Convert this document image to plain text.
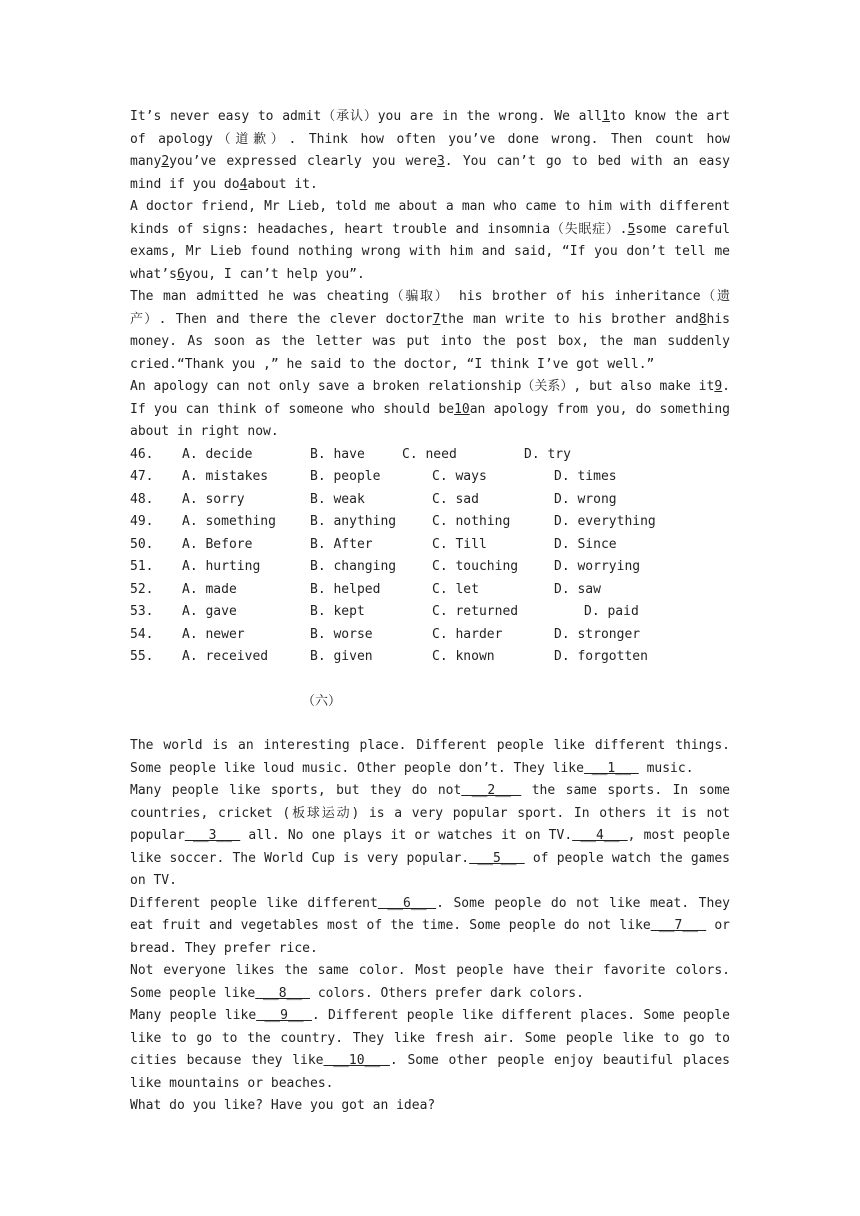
It’s never easy to admit（承认）you are in the wrong. We all1to know the art of apology（道歉）. Think how often you’ve done wrong. Then count how many2you’ve expressed clearly you were3. You can’t go to bed with an easy mind if you do4about it.

A doctor friend, Mr Lieb, told me about a man who came to him with different kinds of signs: headaches, heart trouble and insomnia（失眠症）.5some careful exams, Mr Lieb found nothing wrong with him and said, “If you don’t tell me what’s6you, I can’t help you”.

The man admitted he was cheating（骗取） his brother of his inheritance（遗产）. Then and there the clever doctor7the man write to his brother and8his money. As soon as the letter was put into the post box, the man suddenly cried.“Thank you ,” he said to the doctor, “I think I’ve got well.”

An apology can not only save a broken relationship（关系）, but also make it9. If you can think of someone who should be10an apology from you, do something about in right now.

46.	A. decide	B. have	C. need	D. try
47.	A. mistakes	B. people	C. ways	D. times
48.	A. sorry	B. weak	C. sad	D. wrong
49.	A. something	B. anything	C. nothing	D. everything
50.	A. Before	B. After	C. Till	D. Since
51.	A. hurting	B. changing	C. touching	D. worrying
52.	A. made	B. helped	C. let	D. saw
53.	A. gave	B. kept	C. returned	D. paid
54.	A. newer	B. worse	C. harder	D. stronger
55.	A. received	B. given	C. known	D. forgotten
（六）

The world is an interesting place. Different people like different things. Some people like loud music. Other people don’t. They like __1__  music.

Many people like sports, but they do not __2__  the same sports. In some countries, cricket (板球运动) is a very popular sport. In others it is not popular __3__  all. No one plays it or watches it on TV. __4__ , most people like soccer. The World Cup is very popular. __5__  of people watch the games on TV.

Different people like different __6__ . Some people do not like meat. They eat fruit and vegetables most of the time. Some people do not like __7__  or bread. They prefer rice.

Not everyone likes the same color. Most people have their favorite colors. Some people like __8__  colors. Others prefer dark colors.

Many people like __9__ . Different people like different places. Some people like to go to the country. They like fresh air. Some people like to go to cities because they like __10__ . Some other people enjoy beautiful places like mountains or beaches.

What do you like? Have you got an idea?
